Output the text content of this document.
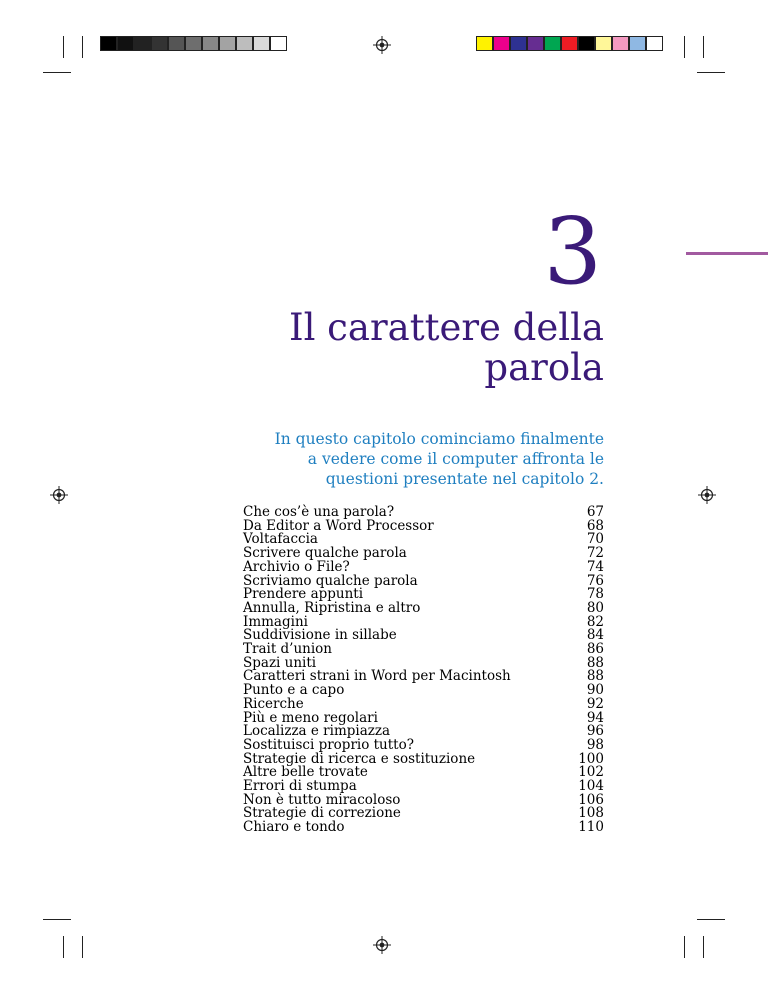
3
Il carattere della
parola
In questo capitolo cominciamo finalmente
a vedere come il computer affronta le
questioni presentate nel capitolo 2.
Che cos’è una parola?	67
Da Editor a Word Processor	68
Voltafaccia	70
Scrivere qualche parola	72
Archivio o File?	74
Scriviamo qualche parola	76
Prendere appunti	78
Annulla, Ripristina e altro	80
Immagini	82
Suddivisione in sillabe	84
Trait d’union	86
Spazi uniti	88
Caratteri strani in Word per Macintosh	88
Punto e a capo	90
Ricerche	92
Più e meno regolari	94
Localizza e rimpiazza	96
Sostituisci proprio tutto?	98
Strategie di ricerca e sostituzione	100
Altre belle trovate	102
Errori di stumpa	104
Non è tutto miracoloso	106
Strategie di correzione	108
Chiaro e tondo	110
